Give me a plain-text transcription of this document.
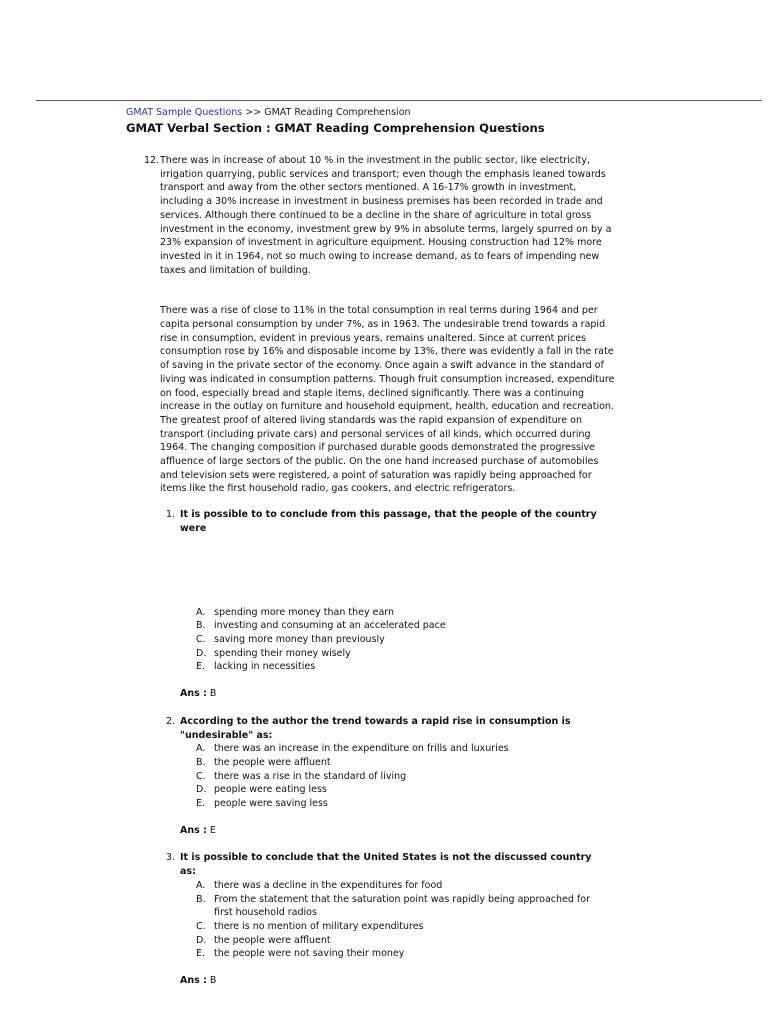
GMAT Sample Questions >> GMAT Reading Comprehension
GMAT Verbal Section : GMAT Reading Comprehension Questions
12. There was in increase of about 10 % in the investment in the public sector, like electricity, irrigation quarrying, public services and transport; even though the emphasis leaned towards transport and away from the other sectors mentioned. A 16-17% growth in investment, including a 30% increase in investment in business premises has been recorded in trade and services. Although there continued to be a decline in the share of agriculture in total gross investment in the economy, investment grew by 9% in absolute terms, largely spurred on by a 23% expansion of investment in agriculture equipment. Housing construction had 12% more invested in it in 1964, not so much owing to increase demand, as to fears of impending new taxes and limitation of building.

There was a rise of close to 11% in the total consumption in real terms during 1964 and per capita personal consumption by under 7%, as in 1963. The undesirable trend towards a rapid rise in consumption, evident in previous years, remains unaltered. Since at current prices consumption rose by 16% and disposable income by 13%, there was evidently a fall in the rate of saving in the private sector of the economy. Once again a swift advance in the standard of living was indicated in consumption patterns. Though fruit consumption increased, expenditure on food, especially bread and staple items, declined significantly. There was a continuing increase in the outlay on furniture and household equipment, health, education and recreation. The greatest proof of altered living standards was the rapid expansion of expenditure on transport (including private cars) and personal services of all kinds, which occurred during 1964. The changing composition if purchased durable goods demonstrated the progressive affluence of large sectors of the public. On the one hand increased purchase of automobiles and television sets were registered, a point of saturation was rapidly being approached for items like the first household radio, gas cookers, and electric refrigerators.

1. It is possible to to conclude from this passage, that the people of the country were

A. spending more money than they earn
B. investing and consuming at an accelerated pace
C. saving more money than previously
D. spending their money wisely
E. lacking in necessities

Ans : B

2. According to the author the trend towards a rapid rise in consumption is "undesirable" as:

A. there was an increase in the expenditure on frills and luxuries
B. the people were affluent
C. there was a rise in the standard of living
D. people were eating less
E. people were saving less

Ans : E

3. It is possible to conclude that the United States is not the discussed country as:

A. there was a decline in the expenditures for food
B. From the statement that the saturation point was rapidly being approached for first household radios
C. there is no mention of military expenditures
D. the people were affluent
E. the people were not saving their money

Ans : B
